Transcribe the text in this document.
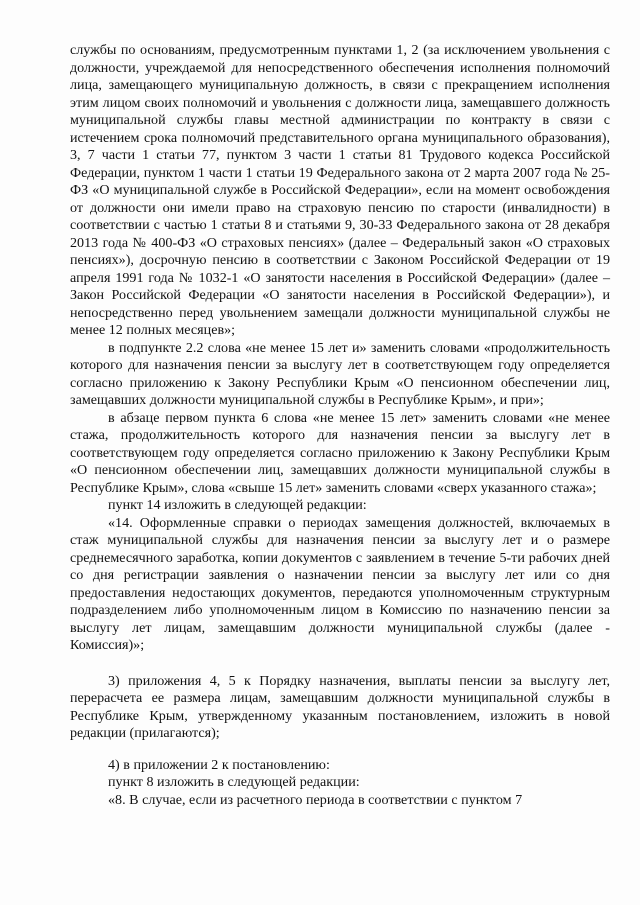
службы по основаниям, предусмотренным пунктами 1, 2 (за исключением увольнения с должности, учреждаемой для непосредственного обеспечения исполнения полномочий лица, замещающего муниципальную должность, в связи с прекращением исполнения этим лицом своих полномочий и увольнения с должности лица, замещавшего должность муниципальной службы главы местной администрации по контракту в связи с истечением срока полномочий представительного органа муниципального образования), 3, 7 части 1 статьи 77, пунктом 3 части 1 статьи 81 Трудового кодекса Российской Федерации, пунктом 1 части 1 статьи 19 Федерального закона от 2 марта 2007 года № 25-ФЗ «О муниципальной службе в Российской Федерации», если на момент освобождения от должности они имели право на страховую пенсию по старости (инвалидности) в соответствии с частью 1 статьи 8 и статьями 9, 30-33 Федерального закона от 28 декабря 2013 года № 400-ФЗ «О страховых пенсиях» (далее – Федеральный закон «О страховых пенсиях»), досрочную пенсию в соответствии с Законом Российской Федерации от 19 апреля 1991 года № 1032-1 «О занятости населения в Российской Федерации» (далее – Закон Российской Федерации «О занятости населения в Российской Федерации»), и непосредственно перед увольнением замещали должности муниципальной службы не менее 12 полных месяцев»;

в подпункте 2.2 слова «не менее 15 лет и» заменить словами «продолжительность которого для назначения пенсии за выслугу лет в соответствующем году определяется согласно приложению к Закону Республики Крым «О пенсионном обеспечении лиц, замещавших должности муниципальной службы в Республике Крым», и при»;

в абзаце первом пункта 6 слова «не менее 15 лет» заменить словами «не менее стажа, продолжительность которого для назначения пенсии за выслугу лет в соответствующем году определяется согласно приложению к Закону Республики Крым «О пенсионном обеспечении лиц, замещавших должности муниципальной службы в Республике Крым», слова «свыше 15 лет» заменить словами «сверх указанного стажа»;

пункт 14 изложить в следующей редакции:

«14. Оформленные справки о периодах замещения должностей, включаемых в стаж муниципальной службы для назначения пенсии за выслугу лет и о размере среднемесячного заработка, копии документов с заявлением в течение 5-ти рабочих дней со дня регистрации заявления о назначении пенсии за выслугу лет или со дня предоставления недостающих документов, передаются уполномоченным структурным подразделением либо уполномоченным лицом в Комиссию по назначению пенсии за выслугу лет лицам, замещавшим должности муниципальной службы (далее - Комиссия)»;

3) приложения 4, 5 к Порядку назначения, выплаты пенсии за выслугу лет, перерасчета ее размера лицам, замещавшим должности муниципальной службы в Республике Крым, утвержденному указанным постановлением, изложить в новой редакции (прилагаются);

4) в приложении 2 к постановлению:

пункт 8 изложить в следующей редакции:

«8. В случае, если из расчетного периода в соответствии с пунктом 7
